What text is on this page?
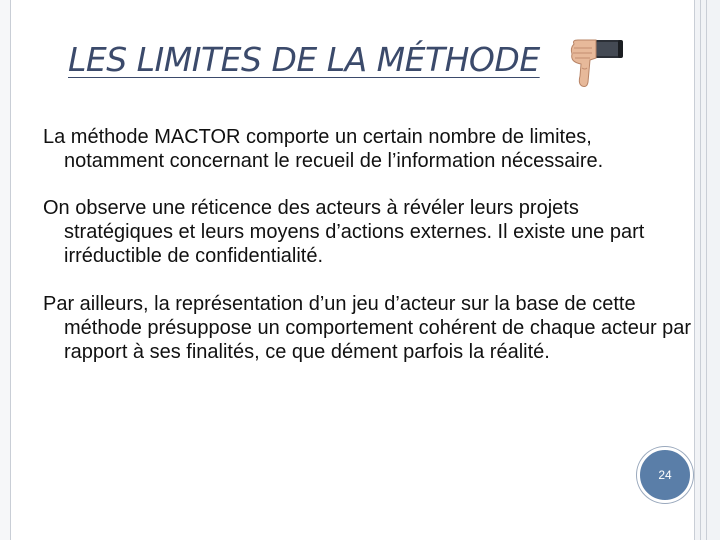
LES LIMITES DE LA MÉTHODE

La méthode MACTOR comporte un certain nombre de limites, notamment concernant le recueil de l’information nécessaire.

On observe une réticence des acteurs à révéler leurs projets stratégiques et leurs moyens d’actions externes. Il existe une part irréductible de confidentialité.

Par ailleurs, la représentation d’un jeu d’acteur sur la base de cette méthode présuppose un comportement cohérent de chaque acteur par rapport à ses finalités, ce que dément parfois la réalité.

24
